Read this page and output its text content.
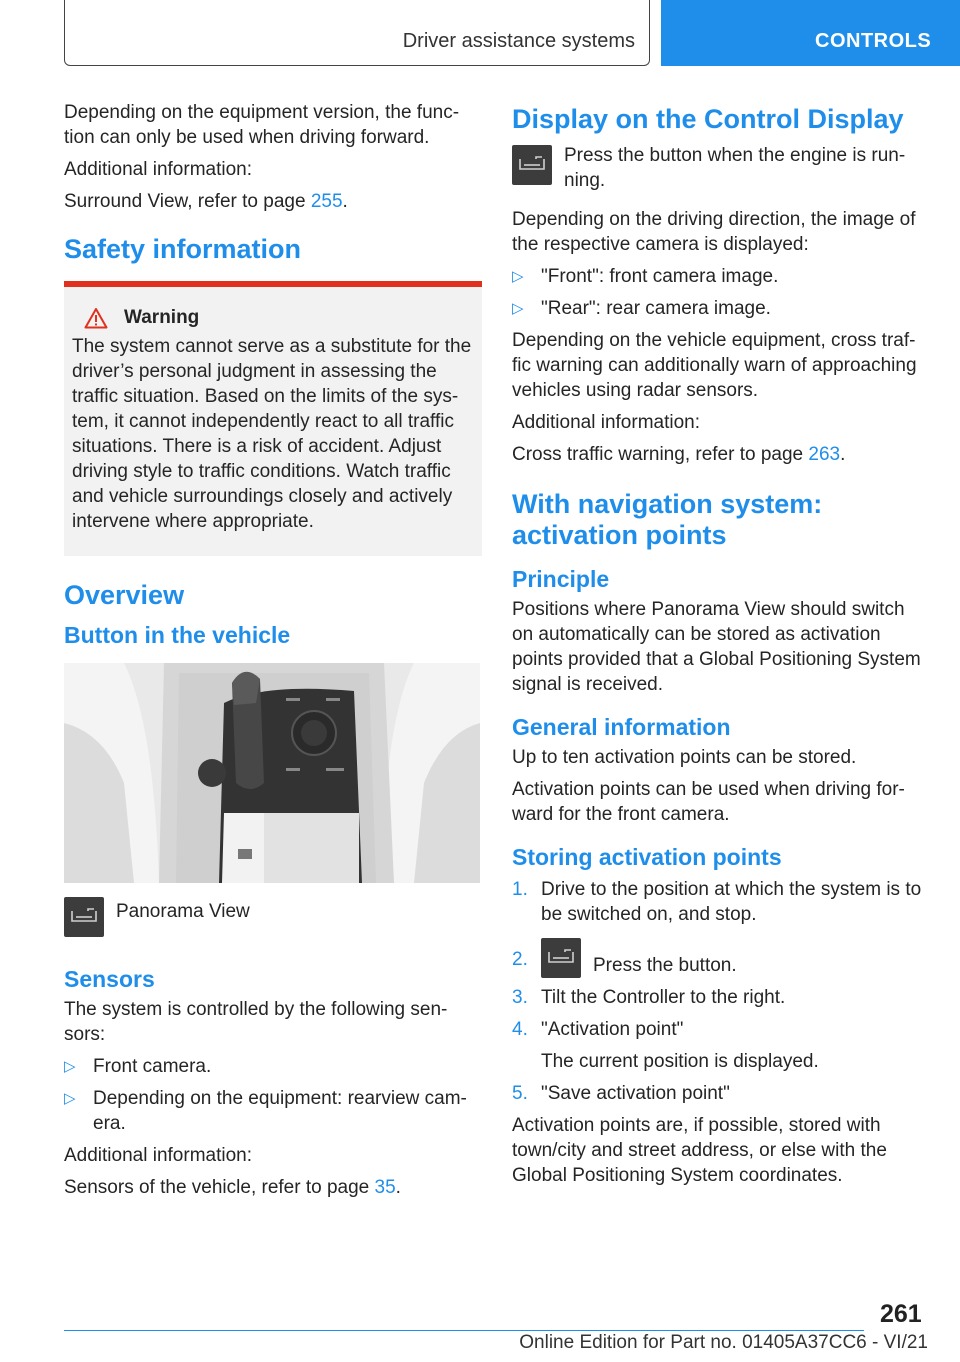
Driver assistance systems	CONTROLS

Depending on the equipment version, the func‐tion can only be used when driving forward.

Additional information:

Surround View, refer to page 255.

Safety information
Warning
The system cannot serve as a substitute for the driver’s personal judgment in assessing the traffic situation. Based on the limits of the sys‐tem, it cannot independently react to all traffic situations. There is a risk of accident. Adjust driving style to traffic conditions. Watch traffic and vehicle surroundings closely and actively intervene where appropriate.
Overview
Button in the vehicle
Panorama View
Sensors

The system is controlled by the following sen‐sors:

▷ Front camera.
▷ Depending on the equipment: rearview cam‐era.

Additional information:

Sensors of the vehicle, refer to page 35.

Display on the Control Display
Press the button when the engine is run‐ning.

Depending on the driving direction, the image of the respective camera is displayed:

▷ "Front": front camera image.
▷ "Rear": rear camera image.

Depending on the vehicle equipment, cross traf‐fic warning can additionally warn of approaching vehicles using radar sensors.

Additional information:

Cross traffic warning, refer to page 263.

With navigation system: activation points
Principle

Positions where Panorama View should switch on automatically can be stored as activation points provided that a Global Positioning System signal is received.

General information

Up to ten activation points can be stored.

Activation points can be used when driving for‐ward for the front camera.

Storing activation points
1. Drive to the position at which the system is to be switched on, and stop.
2.	Press the button.
3. Tilt the Controller to the right.
4. "Activation point"
The current position is displayed.
5. "Save activation point"

Activation points are, if possible, stored with town/city and street address, or else with the Global Positioning System coordinates.

261
Online Edition for Part no. 01405A37CC6 - VI/21
